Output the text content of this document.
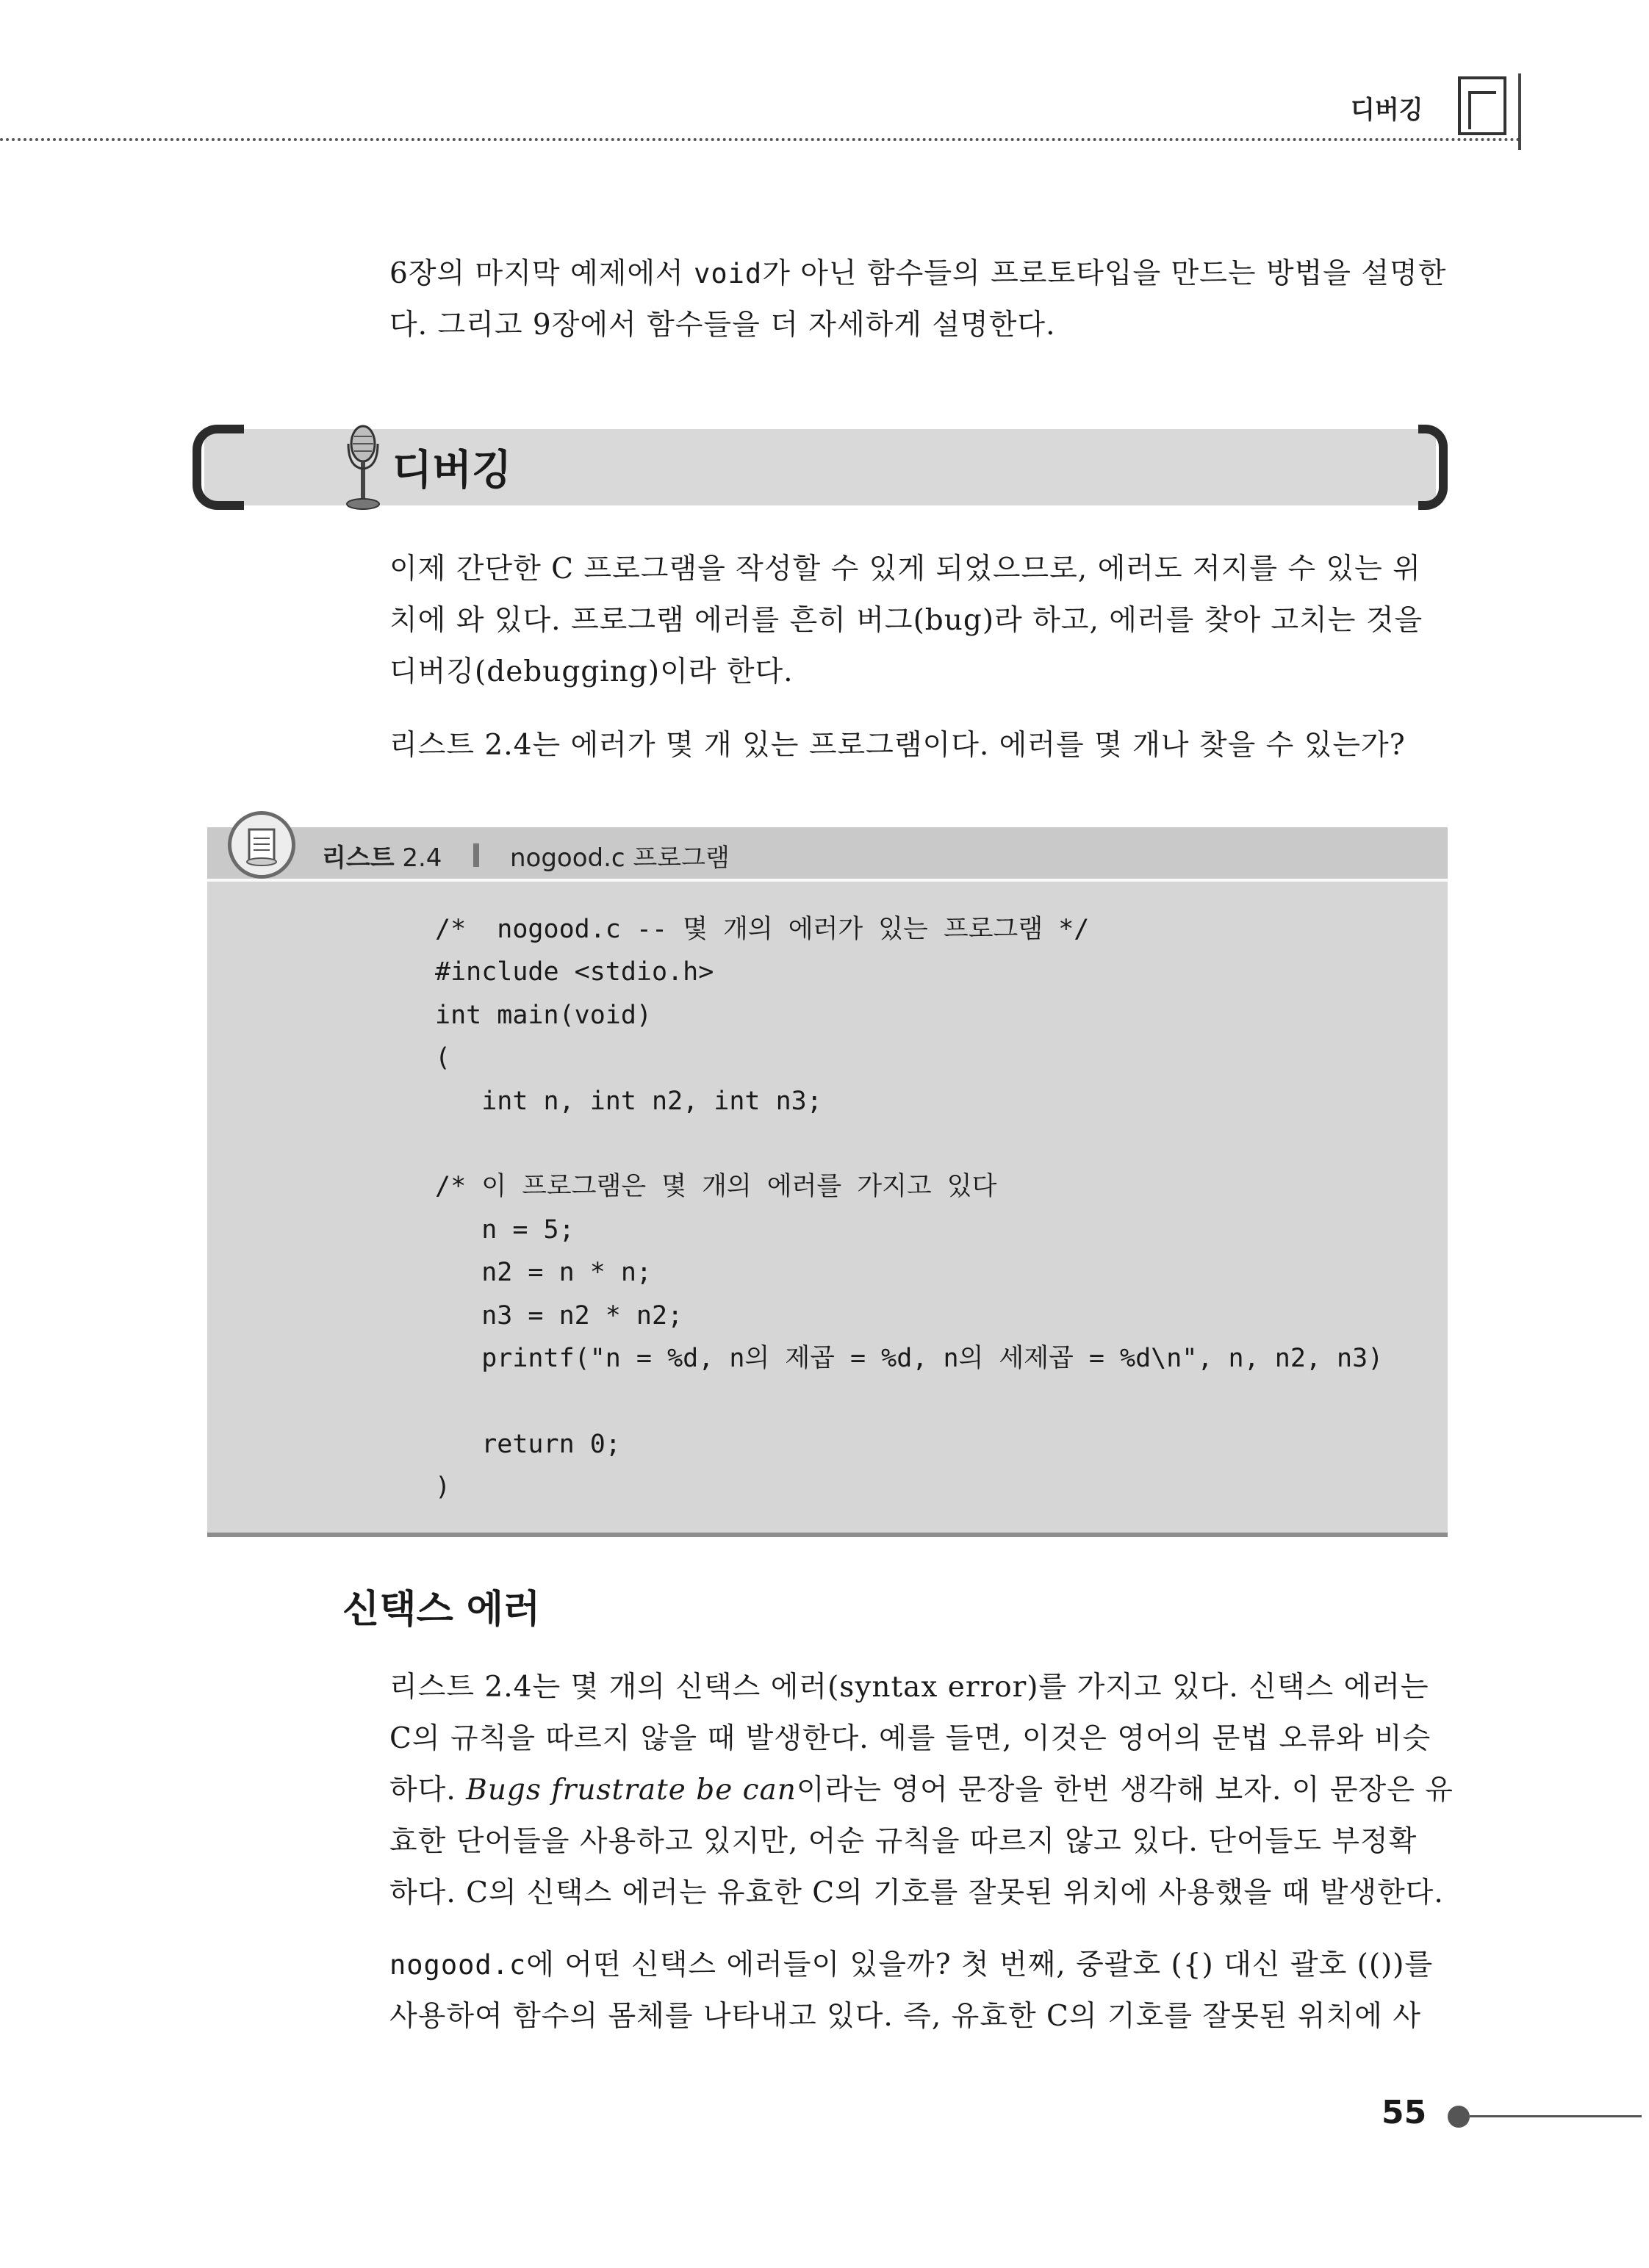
디버깅
6장의 마지막 예제에서 void가 아닌 함수들의 프로토타입을 만드는 방법을 설명한
다. 그리고 9장에서 함수들을 더 자세하게 설명한다.
디버깅
이제 간단한 C 프로그램을 작성할 수 있게 되었으므로, 에러도 저지를 수 있는 위
치에 와 있다. 프로그램 에러를 흔히 버그(bug)라 하고, 에러를 찾아 고치는 것을
디버깅(debugging)이라 한다.
리스트 2.4는 에러가 몇 개 있는 프로그램이다. 에러를 몇 개나 찾을 수 있는가?
리스트 2.4	nogood.c 프로그램
/*  nogood.c -- 몇 개의 에러가 있는 프로그램 */
#include <stdio.h>
int main(void)
(
int n, int n2, int n3;

/* 이 프로그램은 몇 개의 에러를 가지고 있다
n = 5;
n2 = n * n;
n3 = n2 * n2;
printf("n = %d, n의 제곱 = %d, n의 세제곱 = %d\n", n, n2, n3)

return 0;
)
신택스 에러
리스트 2.4는 몇 개의 신택스 에러(syntax error)를 가지고 있다. 신택스 에러는
C의 규칙을 따르지 않을 때 발생한다. 예를 들면, 이것은 영어의 문법 오류와 비슷
하다. Bugs frustrate be can이라는 영어 문장을 한번 생각해 보자. 이 문장은 유
효한 단어들을 사용하고 있지만, 어순 규칙을 따르지 않고 있다. 단어들도 부정확
하다. C의 신택스 에러는 유효한 C의 기호를 잘못된 위치에 사용했을 때 발생한다.
nogood.c에 어떤 신택스 에러들이 있을까? 첫 번째, 중괄호 ({) 대신 괄호 (())를
사용하여 함수의 몸체를 나타내고 있다. 즉, 유효한 C의 기호를 잘못된 위치에 사
55
